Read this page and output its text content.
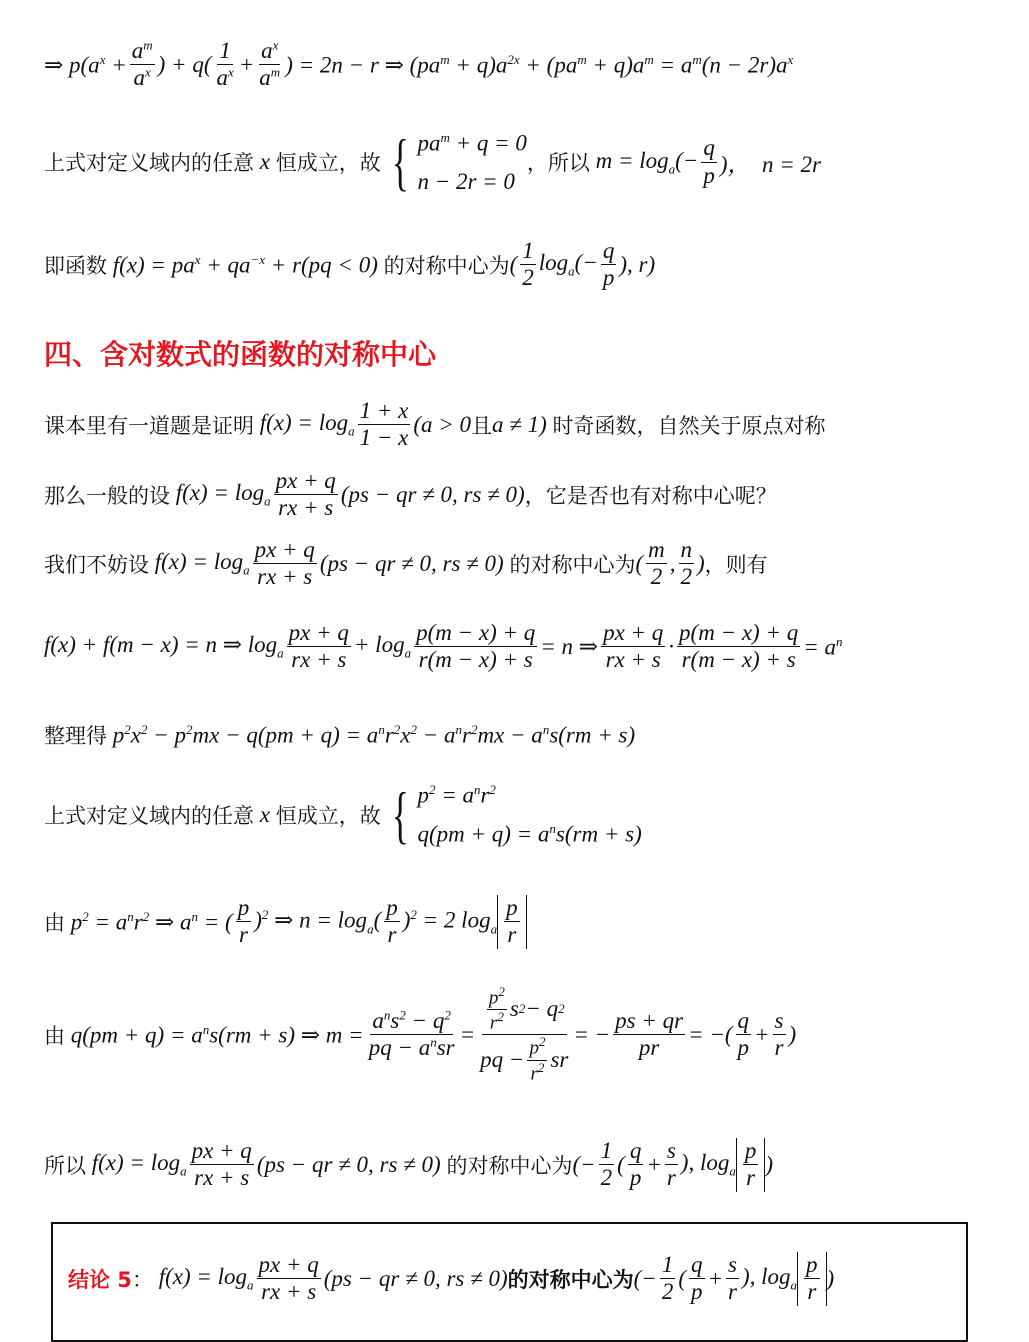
⇒ $p(a^x + \frac{a^m}{a^x}$ ) + $q( \frac{1}{a^x} + \frac{a^x}{a^m}$ ) = 2n − r ⇒ $(pa^m + q)a^{2x} + (pa^m + q)a^m = a^m(n - 2r)a^x$
上式对定义域内的任意 x 恒成立，故 { $pa^m + q = 0$
n − 2r = 0
，所以 $m = \log_a(- \frac{q}{p}$ )，  n = 2r
即函数 $f(x) = pa^x + qa^{-x} + r(pq < 0)$ 的对称中心为 ( $\frac{1}{2} \log_a(- \frac{q}{p}$ ), r)
四、含对数式的函数的对称中心
课本里有一道题是证明 $f(x) = \log_a \frac{1 + x}{1 - x} (a > 0$ 且 a ≠ 1) 时奇函数，自然关于原点对称
那么一般的设 $f(x) = \log_a \frac{px + q}{rx + s} (ps$ − qr ≠ 0, rs ≠ 0) ，它是否也有对称中心呢？
我们不妨设 $f(x) = \log_a \frac{px + q}{rx + s} (ps$ − qr ≠ 0, rs ≠ 0) 的对称中心为 ( $\frac{m}{2}$ , $\frac{n}{2}$ ) ，则有
f(x) + f(m − x) = n ⇒ $\log_a \frac{px + q}{rx + s} + \log_a \frac{p(m - x) + q}{r(m - x) + s} = n$ ⇒ $\frac{px + q}{rx + s} \cdot \frac{p(m - x) + q}{r(m - x) + s} = a^n$
整理得 $p^2x^2 - p^2mx - q(pm + q) = a^nr^2x^2 - a^nr^2mx - a^ns(rm + s)$
上式对定义域内的任意 x 恒成立，故 { $p^2 = a^nr^2$
$q(pm + q) = a^ns(rm + s)$
由 $p^2 = a^nr^2$ ⇒ $a^n$ = ( $\frac{p}{r} )^2$ ⇒ $n = \log_a( \frac{p}{r} )^2 = 2$ $\log_a \frac{p}{r}$
由 $q(pm + q) = a^ns(rm + s)$ ⇒ $m = \frac{a^ns^2 - q^2}{pq - a^nsr} = \frac{\frac{p^2}{r^2} s 2 - q 2}{pq - \frac{p^2}{r^2} sr}$ = − $\frac{ps + qr}{pr}$ = −( $\frac{q}{p} + \frac{s}{r}$ )
所以 $f(x) = \log_a \frac{px + q}{rx + s} (ps$ − qr ≠ 0, rs ≠ 0) 的对称中心为 (− $\frac{1}{2}$ ( $\frac{q}{p} + \frac{s}{r}$ ), $\log_a \frac{p}{r}$ )
结论 5 ： $f(x) = \log_a \frac{px + q}{rx + s} (ps$ − qr ≠ 0, rs ≠ 0) 的对称中心为 (− $\frac{1}{2}$ ( $\frac{q}{p} + \frac{s}{r}$ ), $\log_a \frac{p}{r}$ )
